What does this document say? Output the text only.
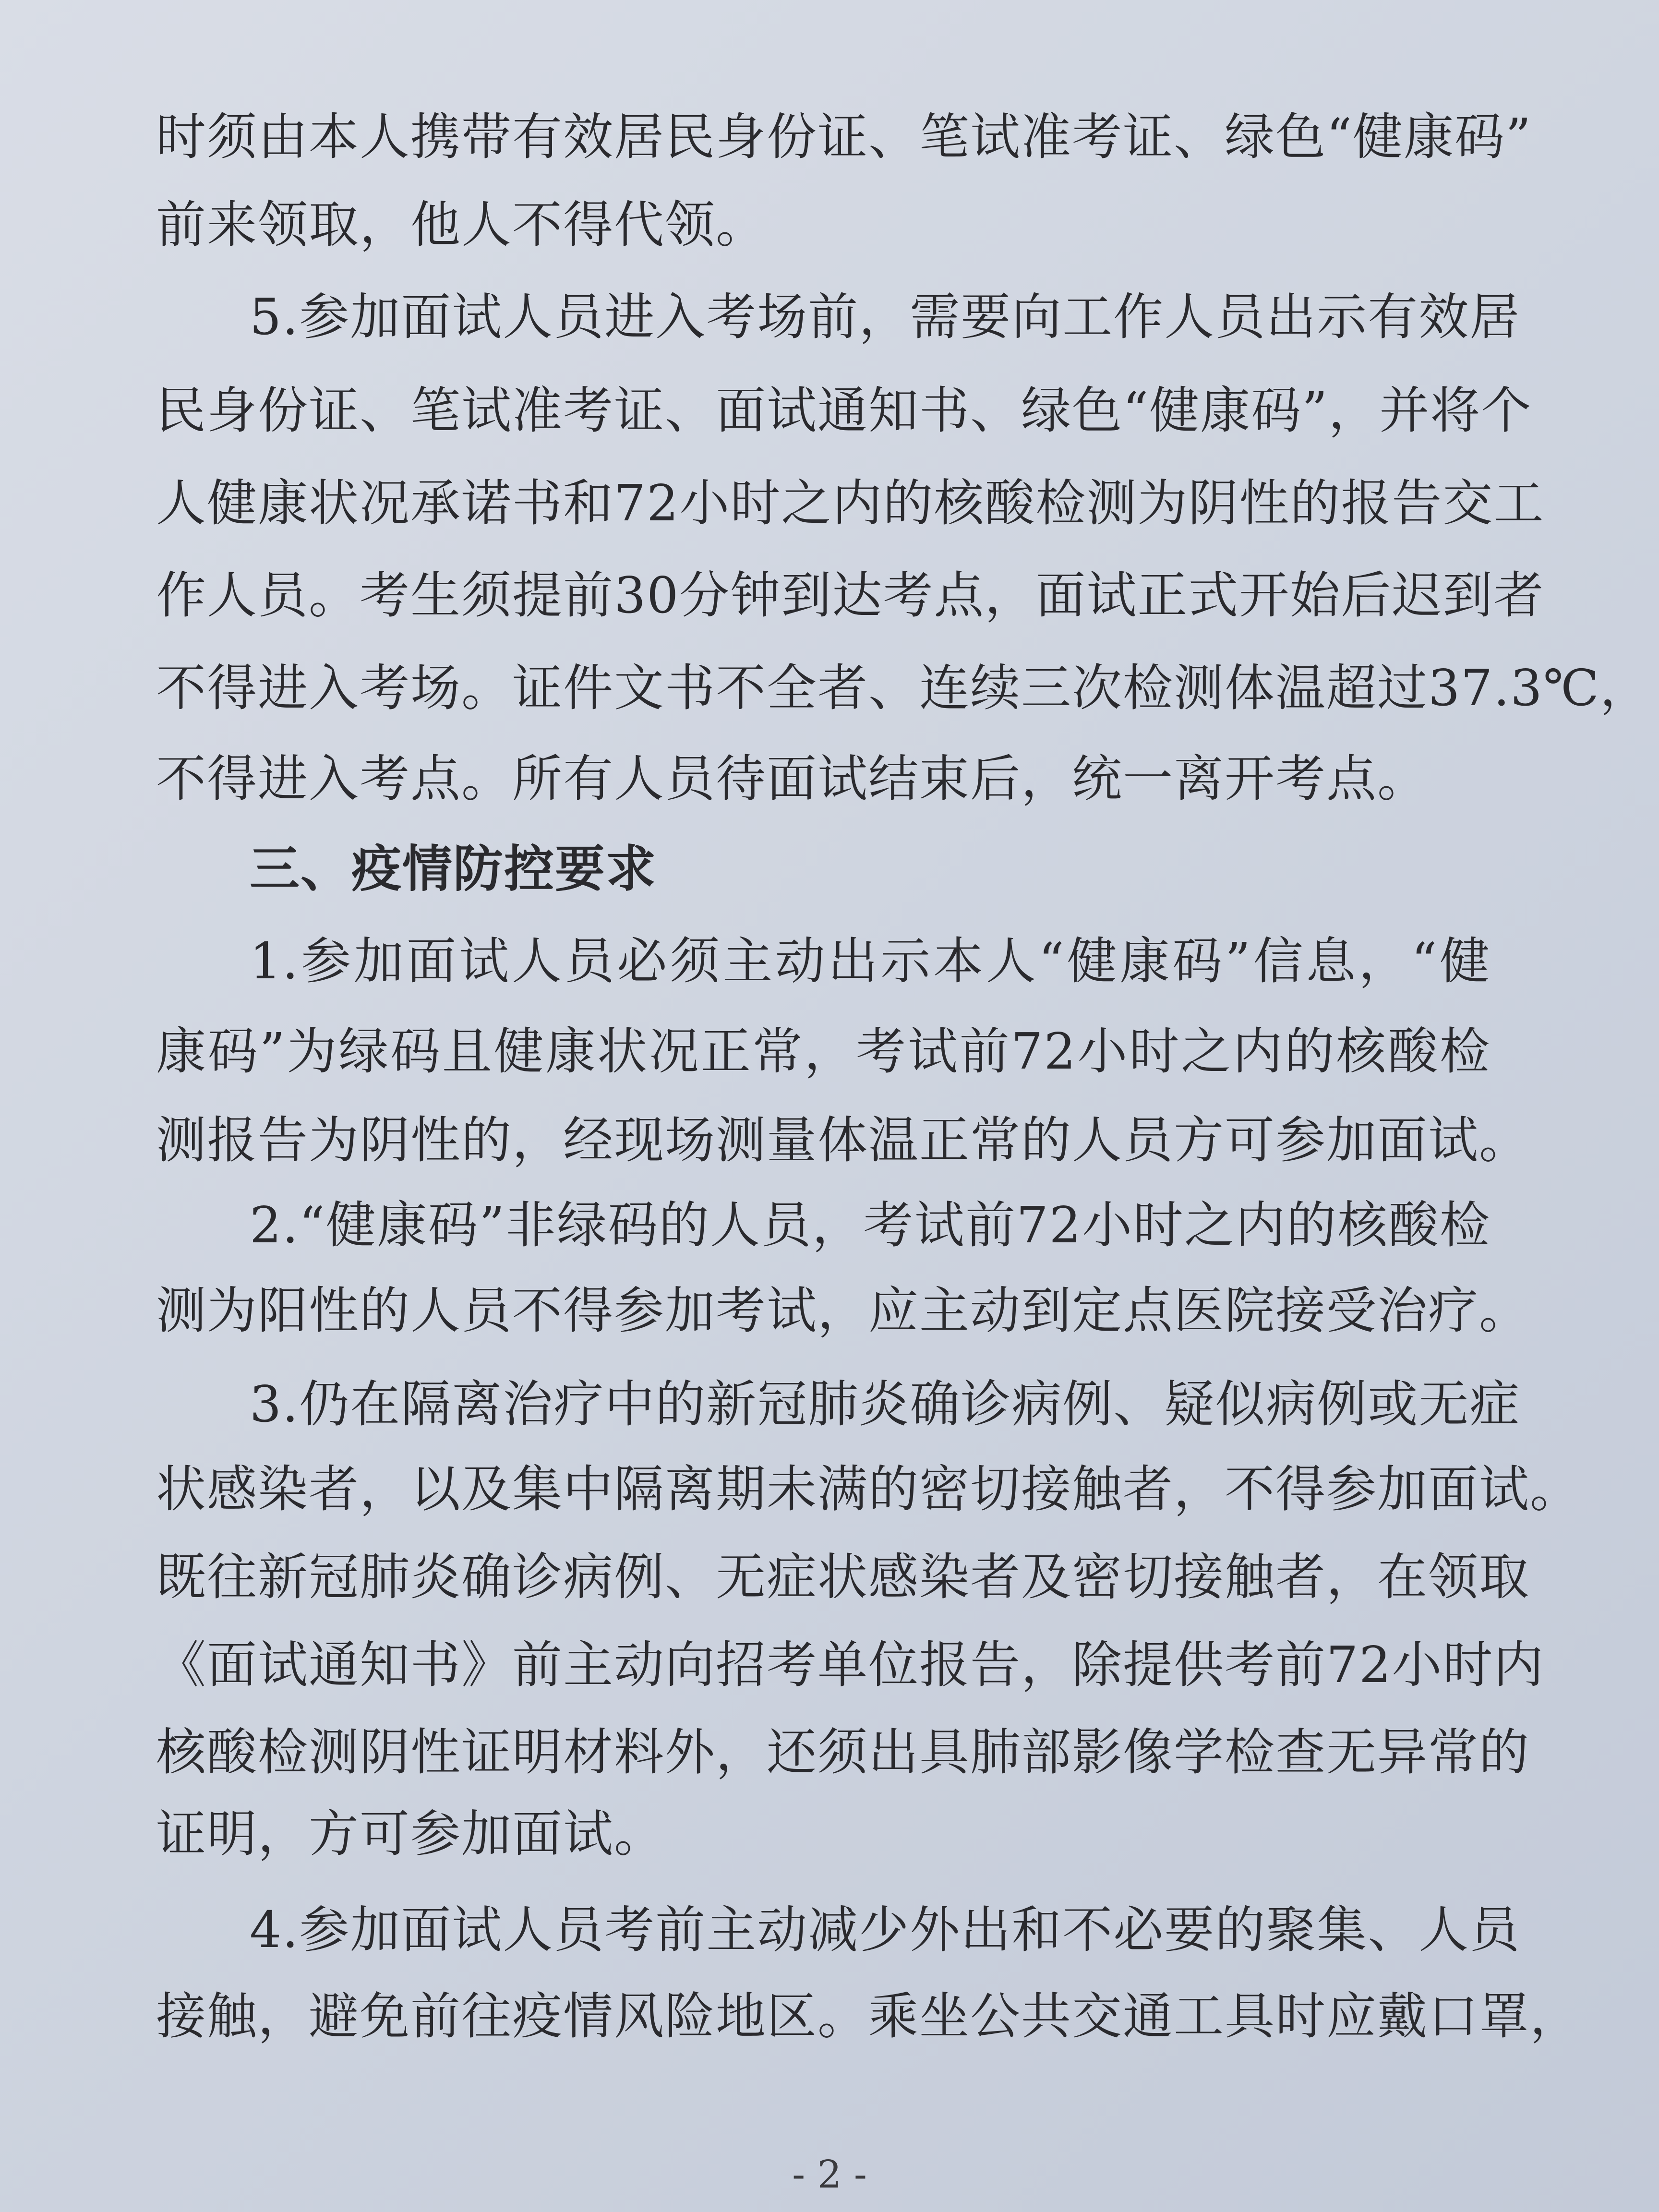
时须由本人携带有效居民身份证、笔试准考证、绿色“健康码”
前来领取，他人不得代领。
5.参加面试人员进入考场前，需要向工作人员出示有效居
民身份证、笔试准考证、面试通知书、绿色“健康码”，并将个
人健康状况承诺书和72小时之内的核酸检测为阴性的报告交工
作人员。考生须提前30分钟到达考点，面试正式开始后迟到者
不得进入考场。证件文书不全者、连续三次检测体温超过37.3℃，
不得进入考点。所有人员待面试结束后，统一离开考点。
三、疫情防控要求
1.参加面试人员必须主动出示本人“健康码”信息，“健
康码”为绿码且健康状况正常，考试前72小时之内的核酸检
测报告为阴性的，经现场测量体温正常的人员方可参加面试。
2.“健康码”非绿码的人员，考试前72小时之内的核酸检
测为阳性的人员不得参加考试，应主动到定点医院接受治疗。
3.仍在隔离治疗中的新冠肺炎确诊病例、疑似病例或无症
状感染者，以及集中隔离期未满的密切接触者，不得参加面试。
既往新冠肺炎确诊病例、无症状感染者及密切接触者，在领取
《面试通知书》前主动向招考单位报告，除提供考前72小时内
核酸检测阴性证明材料外，还须出具肺部影像学检查无异常的
证明，方可参加面试。
4.参加面试人员考前主动减少外出和不必要的聚集、人员
接触，避免前往疫情风险地区。乘坐公共交通工具时应戴口罩，
- 2 -
